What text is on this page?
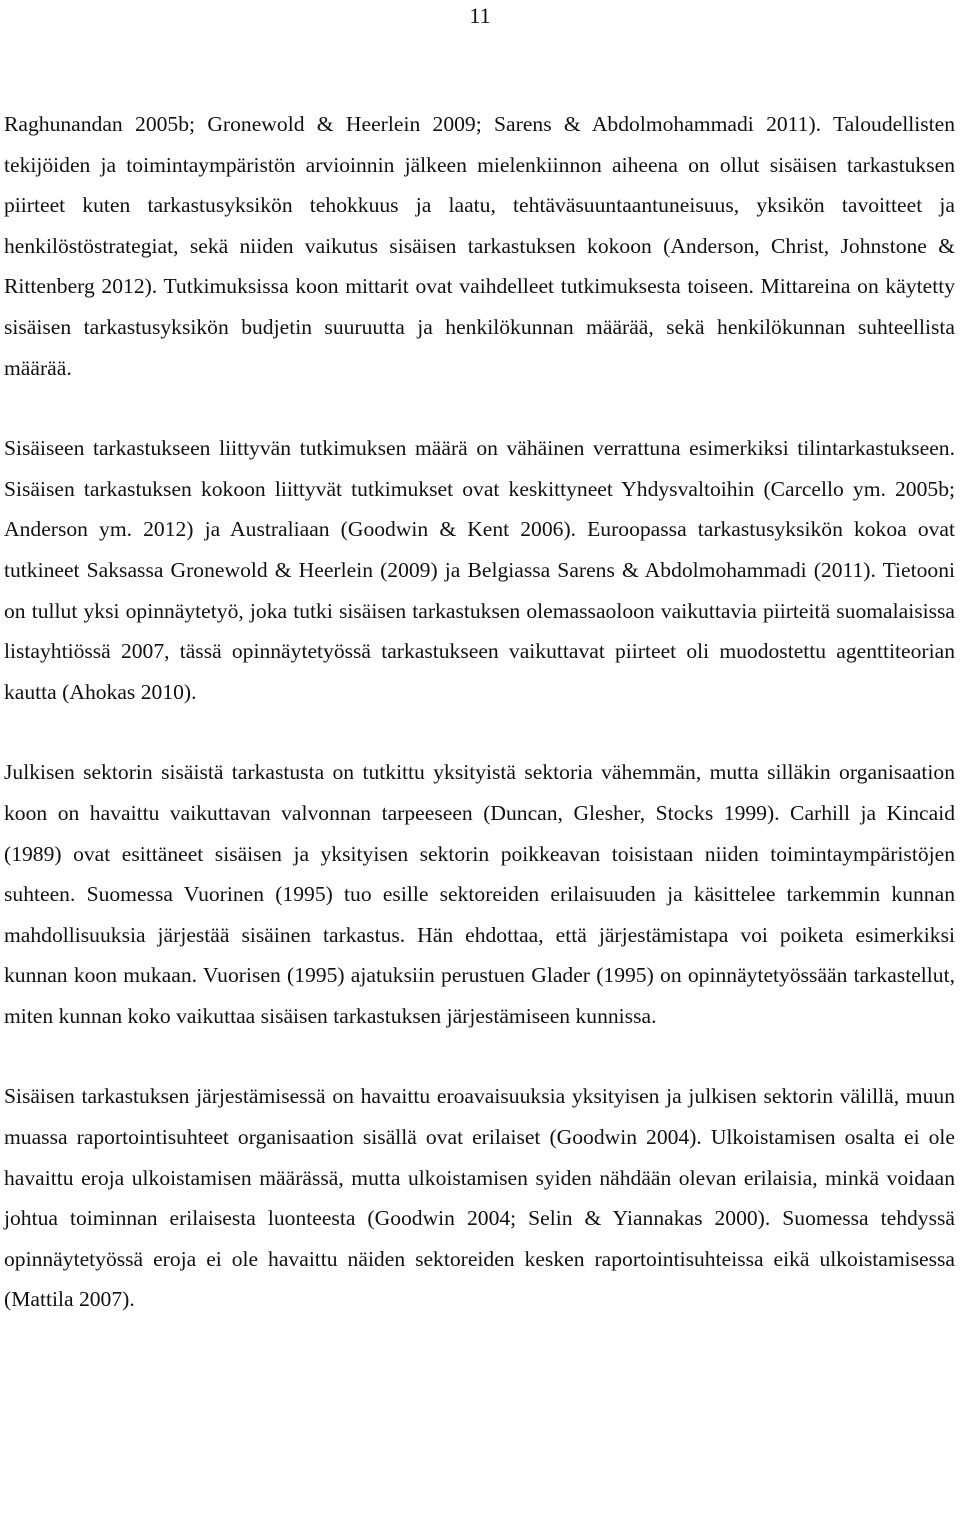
11

Raghunandan 2005b; Gronewold & Heerlein 2009; Sarens & Abdolmohammadi 2011). Taloudellisten tekijöiden ja toimintaympäristön arvioinnin jälkeen mielenkiinnon aiheena on ollut sisäisen tarkastuksen piirteet kuten tarkastusyksikön tehokkuus ja laatu, tehtäväsuuntaantuneisuus, yksikön tavoitteet ja henkilöstöstrategiat, sekä niiden vaikutus sisäisen tarkastuksen kokoon (Anderson, Christ, Johnstone & Rittenberg 2012). Tutkimuksissa koon mittarit ovat vaihdelleet tutkimuksesta toiseen. Mittareina on käytetty sisäisen tarkastusyksikön budjetin suuruutta ja henkilökunnan määrää, sekä henkilökunnan suhteellista määrää.

Sisäiseen tarkastukseen liittyvän tutkimuksen määrä on vähäinen verrattuna esimerkiksi tilintarkastukseen. Sisäisen tarkastuksen kokoon liittyvät tutkimukset ovat keskittyneet Yhdysvaltoihin (Carcello ym. 2005b; Anderson ym. 2012) ja Australiaan (Goodwin & Kent 2006). Euroopassa tarkastusyksikön kokoa ovat tutkineet Saksassa Gronewold & Heerlein (2009) ja Belgiassa Sarens & Abdolmohammadi (2011). Tietooni on tullut yksi opinnäytetyö, joka tutki sisäisen tarkastuksen olemassaoloon vaikuttavia piirteitä suomalaisissa listayhtiössä 2007, tässä opinnäytetyössä tarkastukseen vaikuttavat piirteet oli muodostettu agenttiteorian kautta (Ahokas 2010).

Julkisen sektorin sisäistä tarkastusta on tutkittu yksityistä sektoria vähemmän, mutta silläkin organisaation koon on havaittu vaikuttavan valvonnan tarpeeseen (Duncan, Glesher, Stocks 1999). Carhill ja Kincaid (1989) ovat esittäneet sisäisen ja yksityisen sektorin poikkeavan toisistaan niiden toimintaympäristöjen suhteen. Suomessa Vuorinen (1995) tuo esille sektoreiden erilaisuuden ja käsittelee tarkemmin kunnan mahdollisuuksia järjestää sisäinen tarkastus. Hän ehdottaa, että järjestämistapa voi poiketa esimerkiksi kunnan koon mukaan. Vuorisen (1995) ajatuksiin perustuen Glader (1995) on opinnäytetyössään tarkastellut, miten kunnan koko vaikuttaa sisäisen tarkastuksen järjestämiseen kunnissa.

Sisäisen tarkastuksen järjestämisessä on havaittu eroavaisuuksia yksityisen ja julkisen sektorin välillä, muun muassa raportointisuhteet organisaation sisällä ovat erilaiset (Goodwin 2004). Ulkoistamisen osalta ei ole havaittu eroja ulkoistamisen määrässä, mutta ulkoistamisen syiden nähdään olevan erilaisia, minkä voidaan johtua toiminnan erilaisesta luonteesta (Goodwin 2004; Selin & Yiannakas 2000). Suomessa tehdyssä opinnäytetyössä eroja ei ole havaittu näiden sektoreiden kesken raportointisuhteissa eikä ulkoistamisessa (Mattila 2007).
